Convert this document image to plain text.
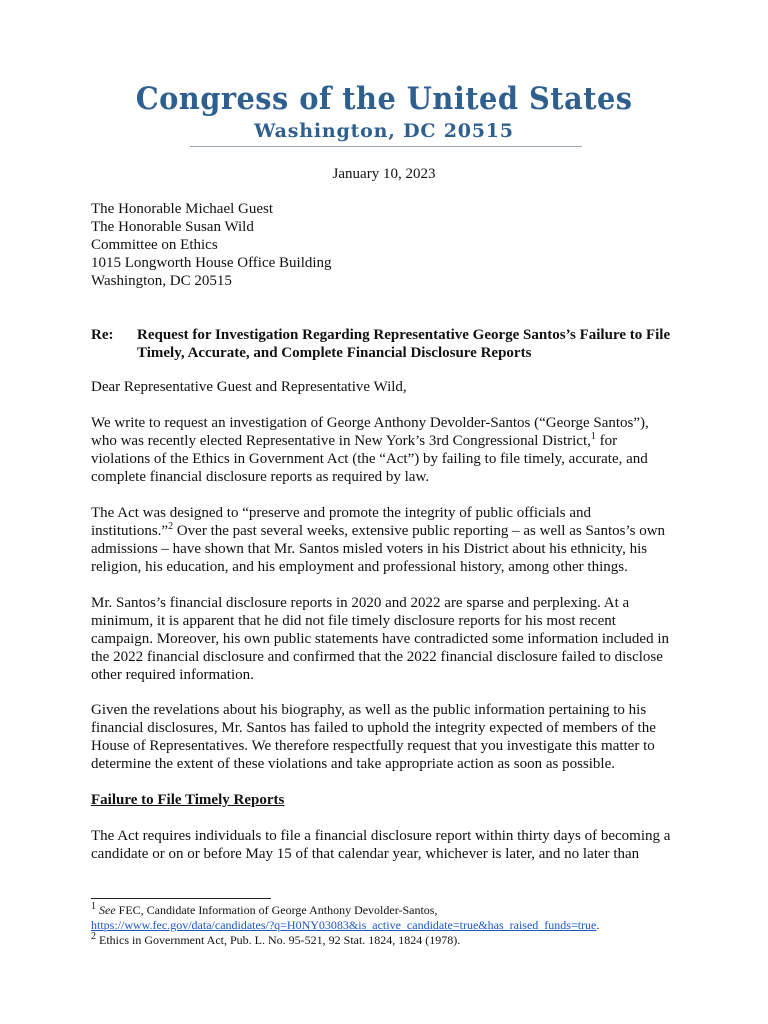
Congress of the United States
Washington, DC 20515
January 10, 2023
The Honorable Michael Guest
The Honorable Susan Wild
Committee on Ethics
1015 Longworth House Office Building
Washington, DC 20515
Re: Request for Investigation Regarding Representative George Santos’s Failure to File
Timely, Accurate, and Complete Financial Disclosure Reports
Dear Representative Guest and Representative Wild,
We write to request an investigation of George Anthony Devolder-Santos (“George Santos”),
who was recently elected Representative in New York’s 3rd Congressional District,$^1$ for
violations of the Ethics in Government Act (the “Act”) by failing to file timely, accurate, and
complete financial disclosure reports as required by law.
The Act was designed to “preserve and promote the integrity of public officials and
institutions.”$^2$ Over the past several weeks, extensive public reporting – as well as Santos’s own
admissions – have shown that Mr. Santos misled voters in his District about his ethnicity, his
religion, his education, and his employment and professional history, among other things.
Mr. Santos’s financial disclosure reports in 2020 and 2022 are sparse and perplexing. At a
minimum, it is apparent that he did not file timely disclosure reports for his most recent
campaign. Moreover, his own public statements have contradicted some information included in
the 2022 financial disclosure and confirmed that the 2022 financial disclosure failed to disclose
other required information.
Given the revelations about his biography, as well as the public information pertaining to his
financial disclosures, Mr. Santos has failed to uphold the integrity expected of members of the
House of Representatives. We therefore respectfully request that you investigate this matter to
determine the extent of these violations and take appropriate action as soon as possible.
Failure to File Timely Reports
The Act requires individuals to file a financial disclosure report within thirty days of becoming a
candidate or on or before May 15 of that calendar year, whichever is later, and no later than
$^1$ See FEC, Candidate Information of George Anthony Devolder-Santos,
https://www.fec.gov/data/candidates/?q=H0NY03083&is_active_candidate=true&has_raised_funds=true.
$^2$ Ethics in Government Act, Pub. L. No. 95-521, 92 Stat. 1824, 1824 (1978).
